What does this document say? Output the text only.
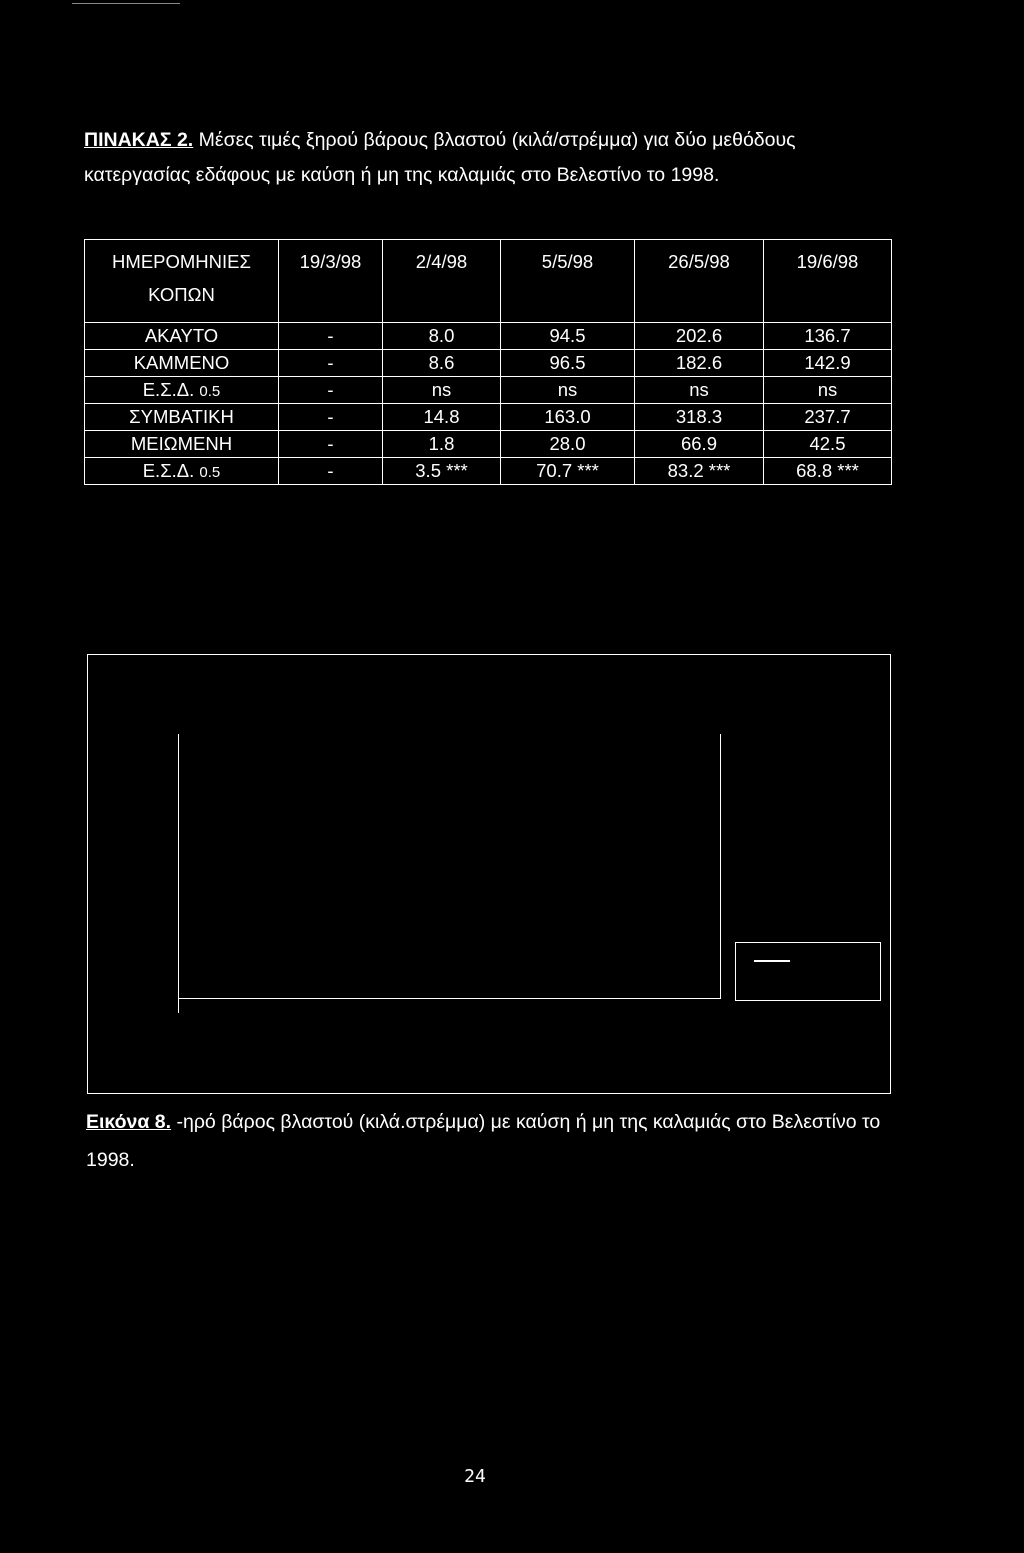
ΠΙΝΑΚΑΣ 2. Μέσες τιμές ξηρού βάρους βλαστού (κιλά/στρέμμα) για δύο μεθόδους κατεργασίας εδάφους με καύση ή μη της καλαμιάς στο Βελεστίνο το 1998.
ΗΜΕΡΟΜΗΝΙΕΣ
ΚΟΠΩΝ	19/3/98	2/4/98	5/5/98	26/5/98	19/6/98
ΑΚΑΥΤΟ	-	8.0	94.5	202.6	136.7
ΚΑΜΜΕΝΟ	-	8.6	96.5	182.6	142.9
Ε.Σ.Δ. 0.5	-	ns	ns	ns	ns
ΣΥΜΒΑΤΙΚΗ	-	14.8	163.0	318.3	237.7
ΜΕΙΩΜΕΝΗ	-	1.8	28.0	66.9	42.5
Ε.Σ.Δ. 0.5	-	3.5 ***	70.7 ***	83.2 ***	68.8 ***
Εικόνα 8. -ηρό βάρος βλαστού (κιλά.στρέμμα) με καύση ή μη της καλαμιάς στο Βελεστίνο το 1998.
24
